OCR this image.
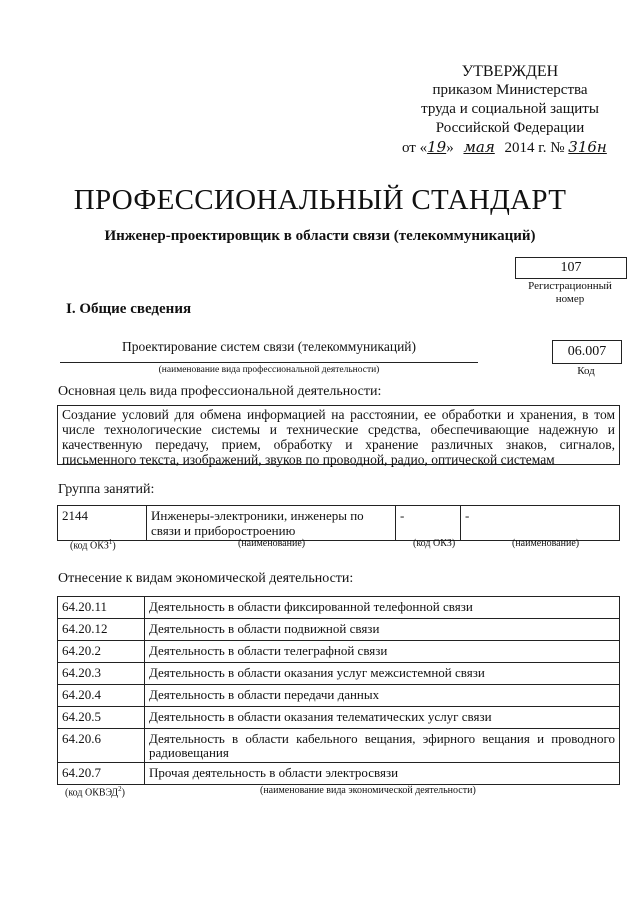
УТВЕРЖДЕН
приказом Министерства
труда и социальной защиты
Российской Федерации
от «19» мая 2014 г. № 316н
ПРОФЕССИОНАЛЬНЫЙ СТАНДАРТ
Инженер-проектировщик в области связи (телекоммуникаций)
107
Регистрационный номер
I. Общие сведения
Проектирование систем связи (телекоммуникаций)
(наименование вида профессиональной деятельности)
06.007
Код
Основная цель вида профессиональной деятельности:
Создание условий для обмена информацией на расстоянии, ее обработки и хранения, в том числе технологические системы и технические средства, обеспечивающие надежную и качественную передачу, прием, обработку и хранение различных знаков, сигналов, письменного текста, изображений, звуков по проводной, радио, оптической системам
Группа занятий:
2144	Инженеры-электроники, инженеры по связи и приборостроению	-	-
(код ОКЗ$^1$)	(наименование)	(код ОКЗ)	(наименование)
Отнесение к видам экономической деятельности:
64.20.11	Деятельность в области фиксированной телефонной связи
64.20.12	Деятельность в области подвижной связи
64.20.2	Деятельность в области телеграфной связи
64.20.3	Деятельность в области оказания услуг межсистемной связи
64.20.4	Деятельность в области передачи данных
64.20.5	Деятельность в области оказания телематических услуг связи
64.20.6	Деятельность в области кабельного вещания, эфирного вещания и проводного радиовещания
64.20.7	Прочая деятельность в области электросвязи
(код ОКВЭД$^2$)	(наименование вида экономической деятельности)
